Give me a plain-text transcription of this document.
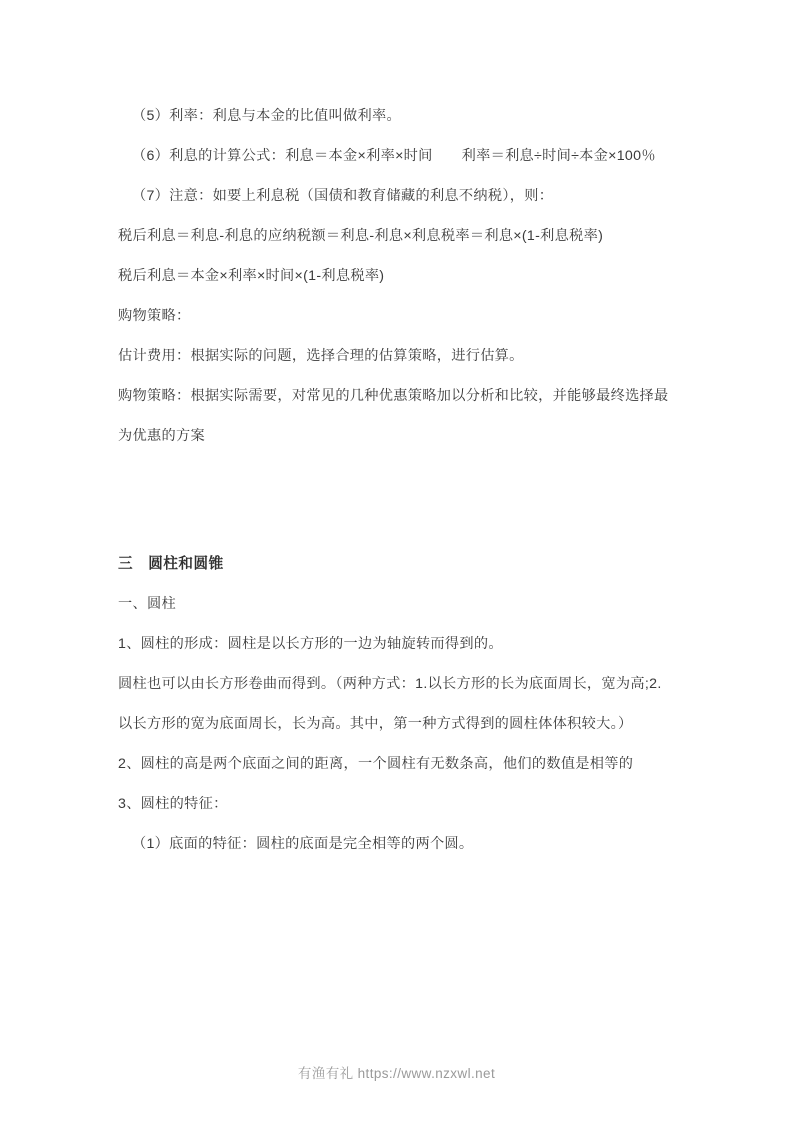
（5）利率：利息与本金的比值叫做利率。

（6）利息的计算公式：利息＝本金×利率×时间　　利率＝利息÷时间÷本金×100％

（7）注意：如要上利息税（国债和教育储藏的利息不纳税），则：

税后利息＝利息-利息的应纳税额＝利息-利息×利息税率＝利息×(1-利息税率)

税后利息＝本金×利率×时间×(1-利息税率)

购物策略：

估计费用：根据实际的问题，选择合理的估算策略，进行估算。

购物策略：根据实际需要，对常见的几种优惠策略加以分析和比较，并能够最终选择最为优惠的方案

三　圆柱和圆锥

一、圆柱

1、圆柱的形成：圆柱是以长方形的一边为轴旋转而得到的。

圆柱也可以由长方形卷曲而得到。（两种方式：1.以长方形的长为底面周长，宽为高;2.以长方形的宽为底面周长，长为高。其中，第一种方式得到的圆柱体体积较大。）

2、圆柱的高是两个底面之间的距离，一个圆柱有无数条高，他们的数值是相等的

3、圆柱的特征：

（1）底面的特征：圆柱的底面是完全相等的两个圆。

有渔有礼 https://www.nzxwl.net
